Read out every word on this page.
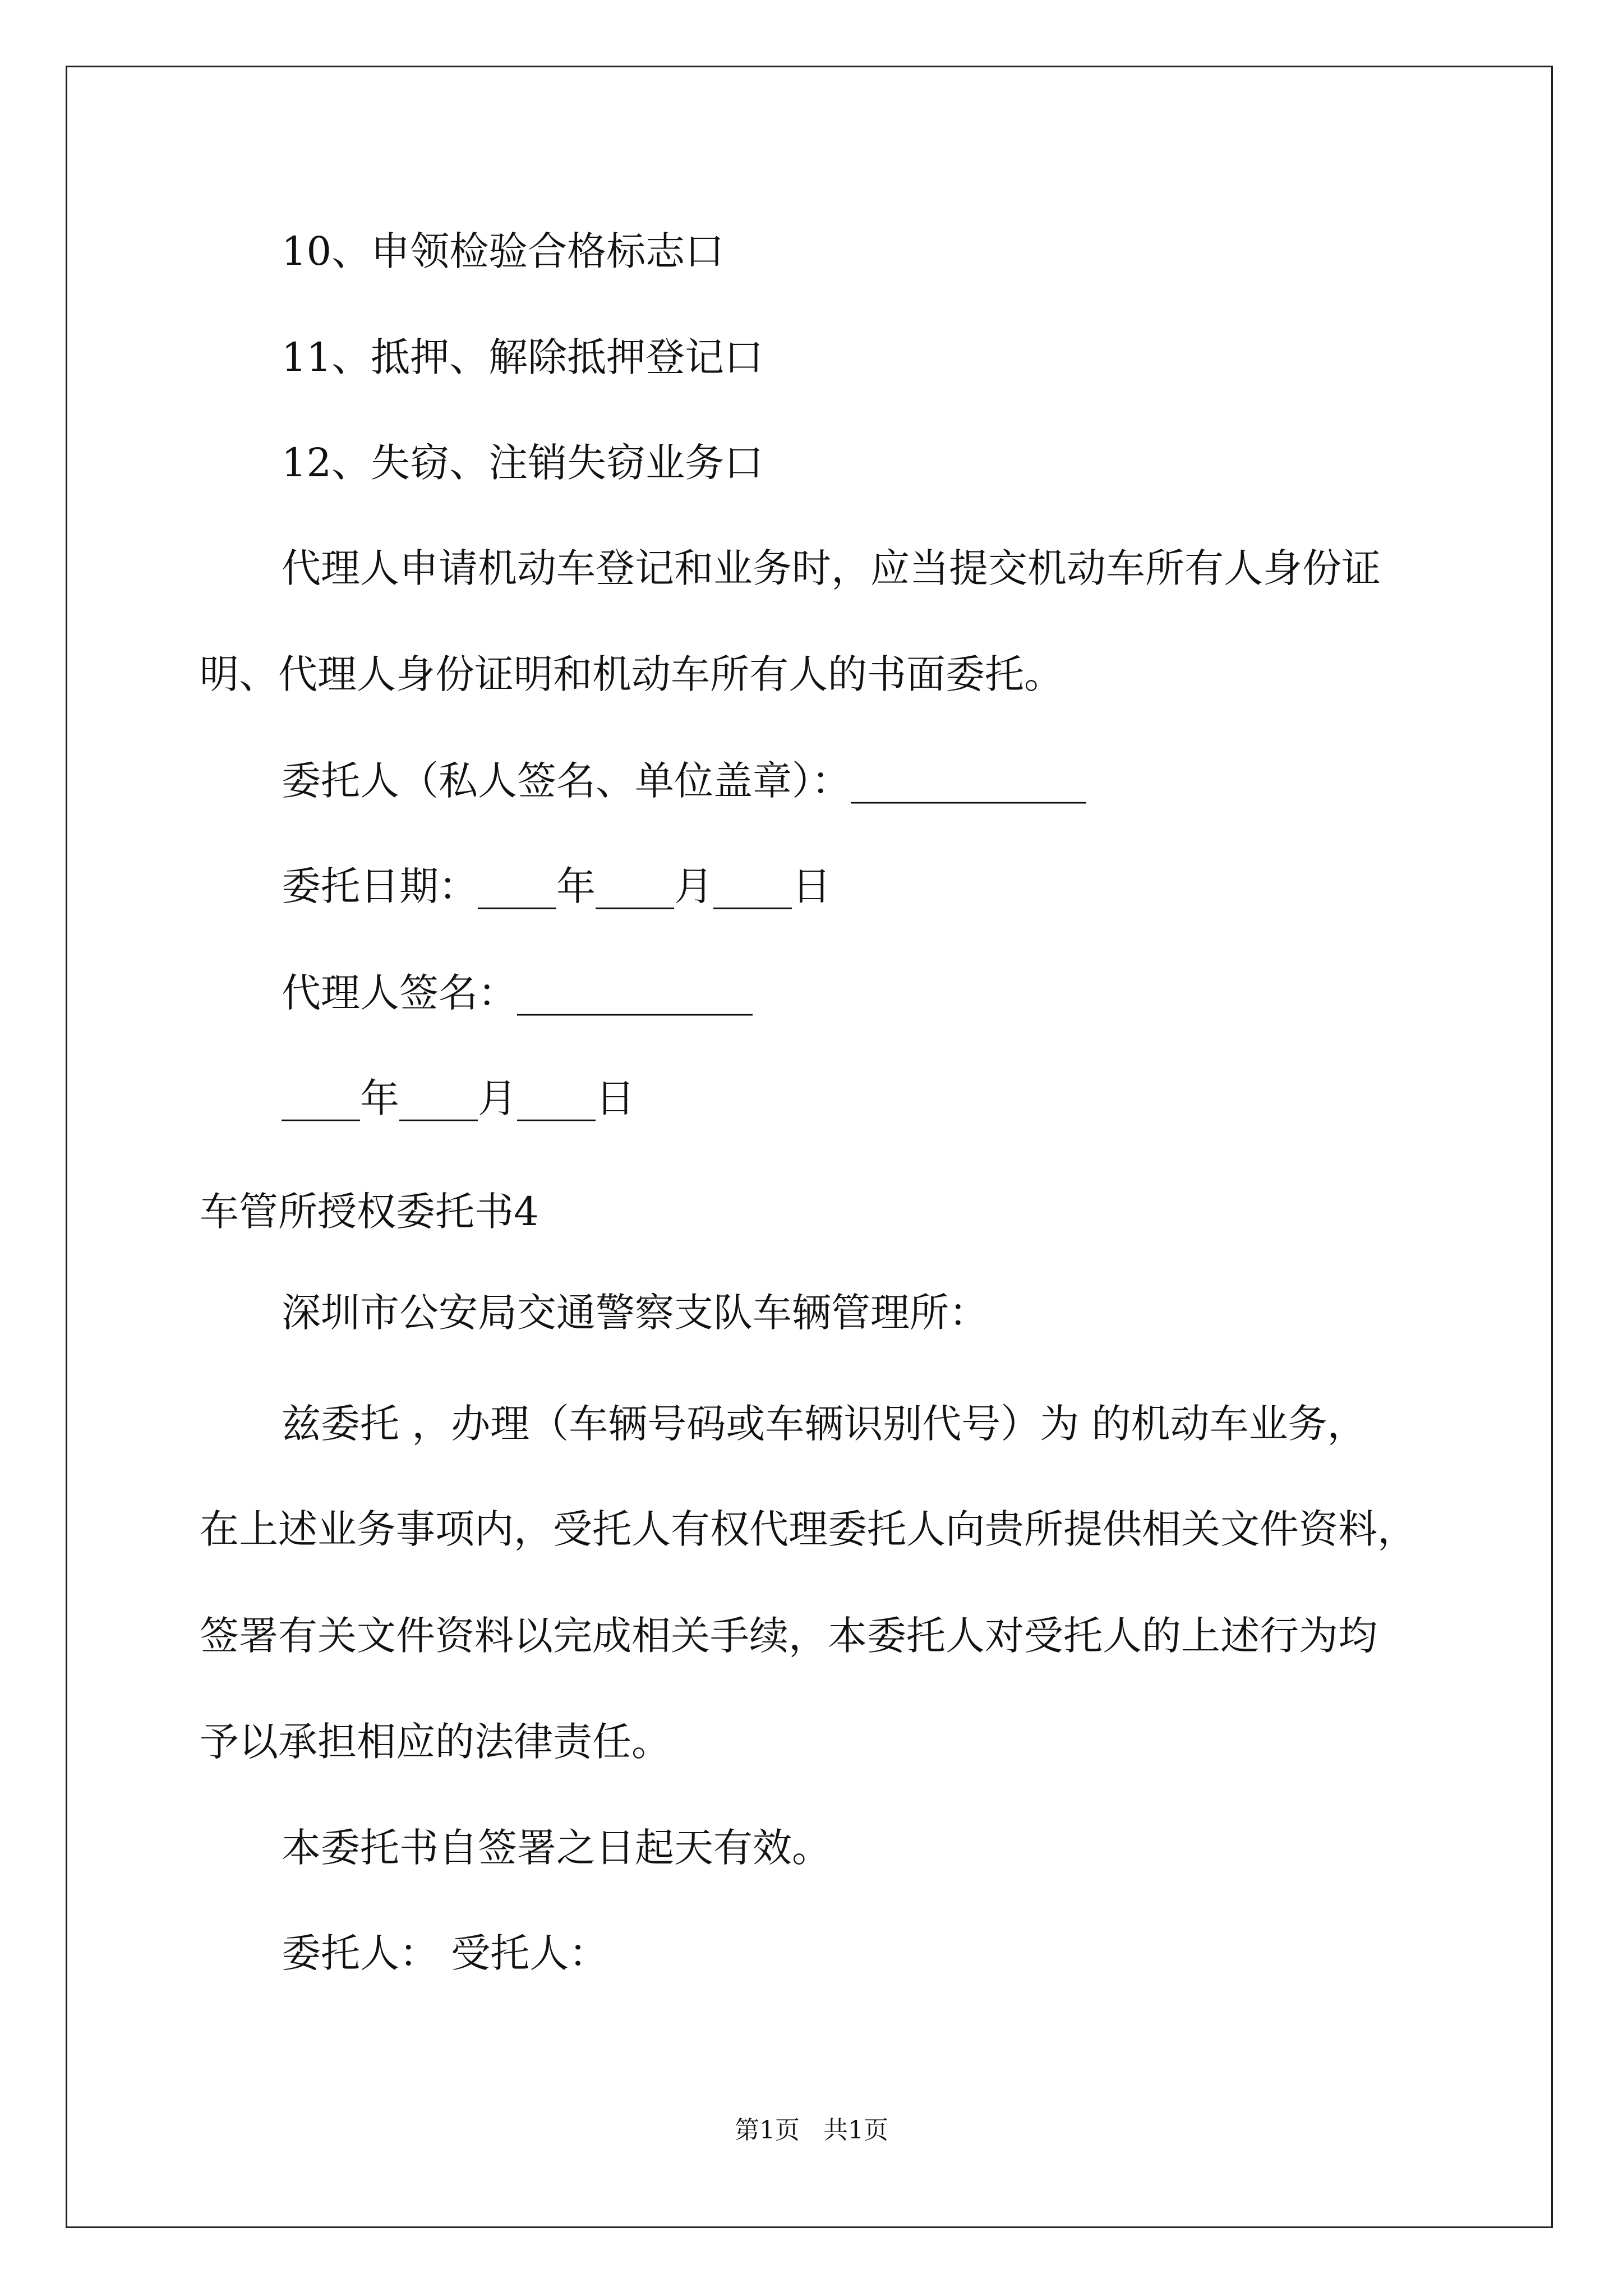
10、申领检验合格标志口

11、抵押、解除抵押登记口

12、失窃、注销失窃业务口

代理人申请机动车登记和业务时，应当提交机动车所有人身份证

明、代理人身份证明和机动车所有人的书面委托。

委托人（私人签名、单位盖章）：____________

委托日期：____年____月____日

代理人签名：____________

____年____月____日

车管所授权委托书4

深圳市公安局交通警察支队车辆管理所：

兹委托 ，办理（车辆号码或车辆识别代号）为 的机动车业务，

在上述业务事项内，受托人有权代理委托人向贵所提供相关文件资料，

签署有关文件资料以完成相关手续，本委托人对受托人的上述行为均

予以承担相应的法律责任。

本委托书自签署之日起天有效。

委托人： 受托人：

第1页   共1页
